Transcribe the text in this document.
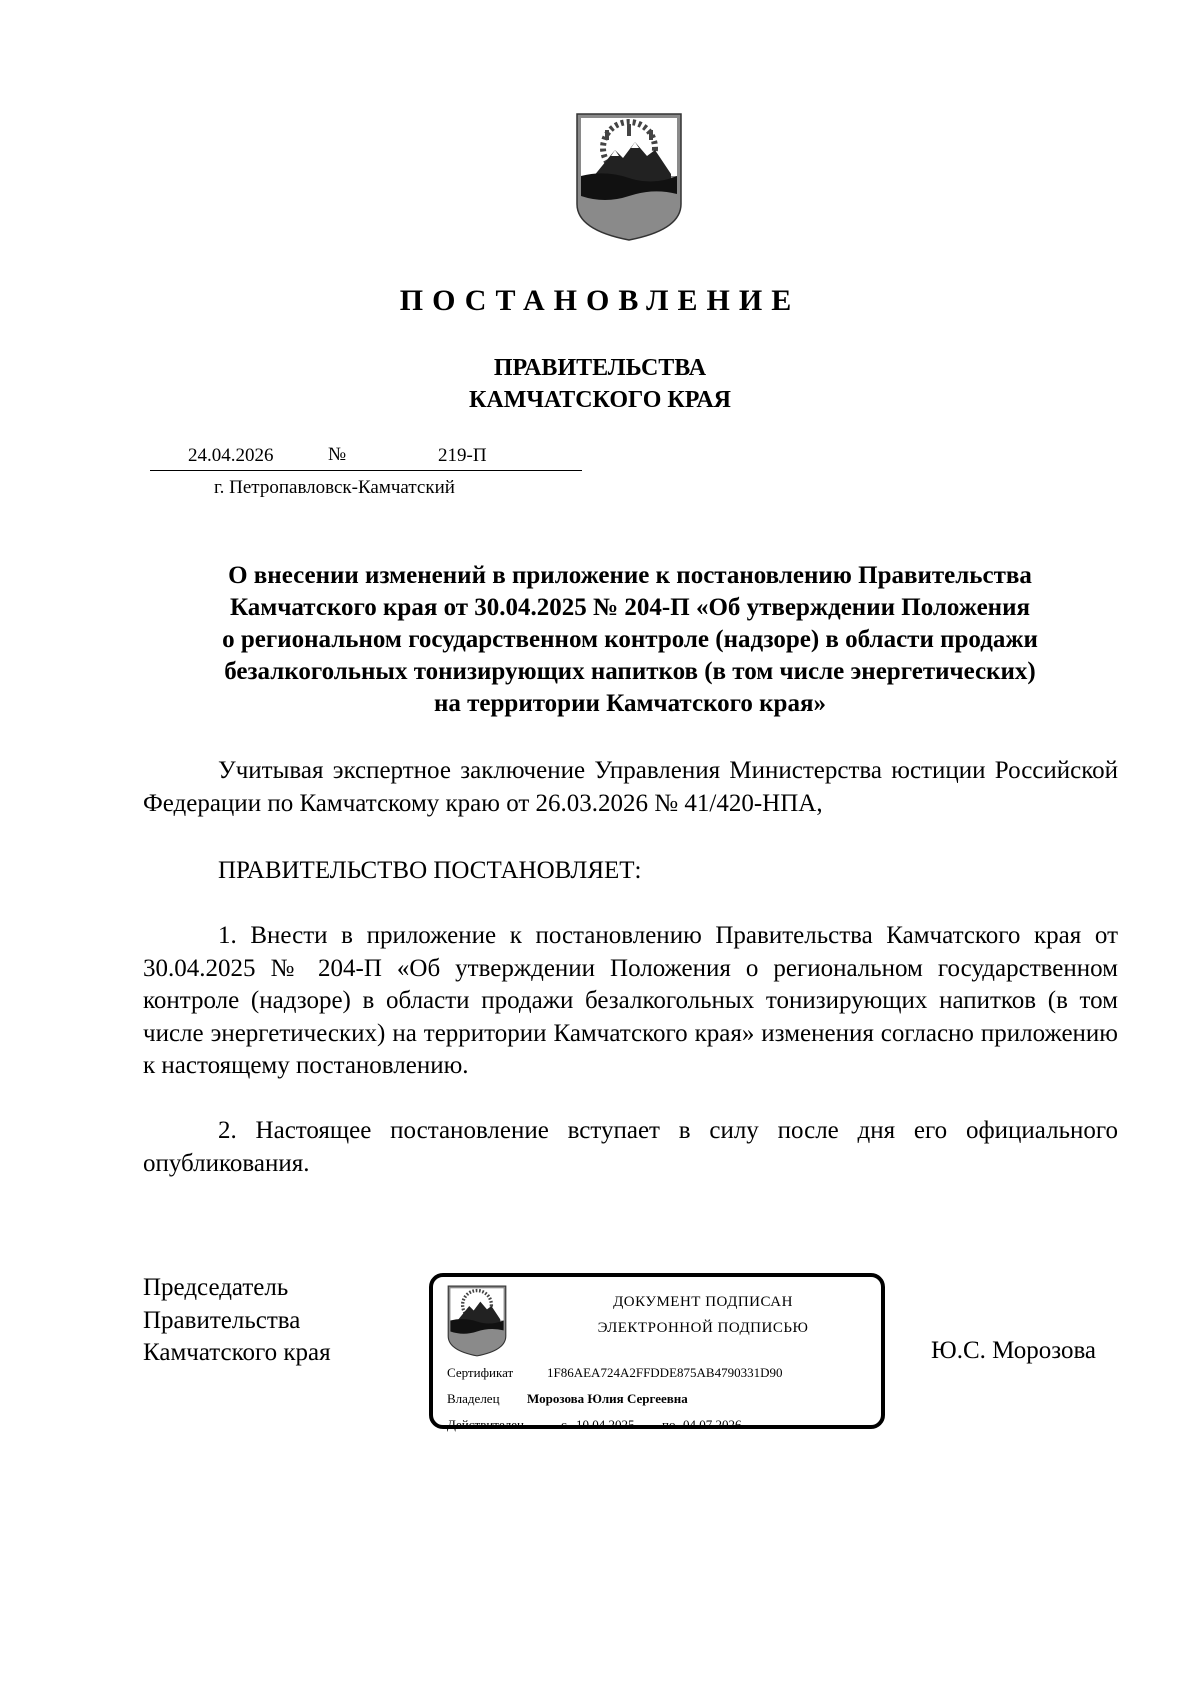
ПОСТАНОВЛЕНИЕ
ПРАВИТЕЛЬСТВА
КАМЧАТСКОГО КРАЯ
24.04.2026	№	219-П
г. Петропавловск-Камчатский
О внесении изменений в приложение к постановлению Правительства
Камчатского края от 30.04.2025 № 204-П «Об утверждении Положения
о региональном государственном контроле (надзоре) в области продажи
безалкогольных тонизирующих напитков (в том числе энергетических)
на территории Камчатского края»
Учитывая экспертное заключение Управления Министерства юстиции Российской Федерации по Камчатскому краю от 26.03.2026 № 41/420-НПА,
ПРАВИТЕЛЬСТВО ПОСТАНОВЛЯЕТ:
1. Внести в приложение к постановлению Правительства Камчатского края от 30.04.2025 № 204-П «Об утверждении Положения о региональном государственном контроле (надзоре) в области продажи безалкогольных тонизирующих напитков (в том числе энергетических) на территории Камчатского края» изменения согласно приложению к настоящему постановлению.
2. Настоящее постановление вступает в силу после дня его официального опубликования.
Председатель
Правительства
Камчатского края	Ю.С. Морозова
ДОКУМЕНТ ПОДПИСАН
ЭЛЕКТРОННОЙ ПОДПИСЬЮ
Сертификат	1F86AEA724A2FFDDE875AB4790331D90
Владелец Морозова Юлия Сергеевна
Действителен	с 10.04.2025 по 04.07.2026
